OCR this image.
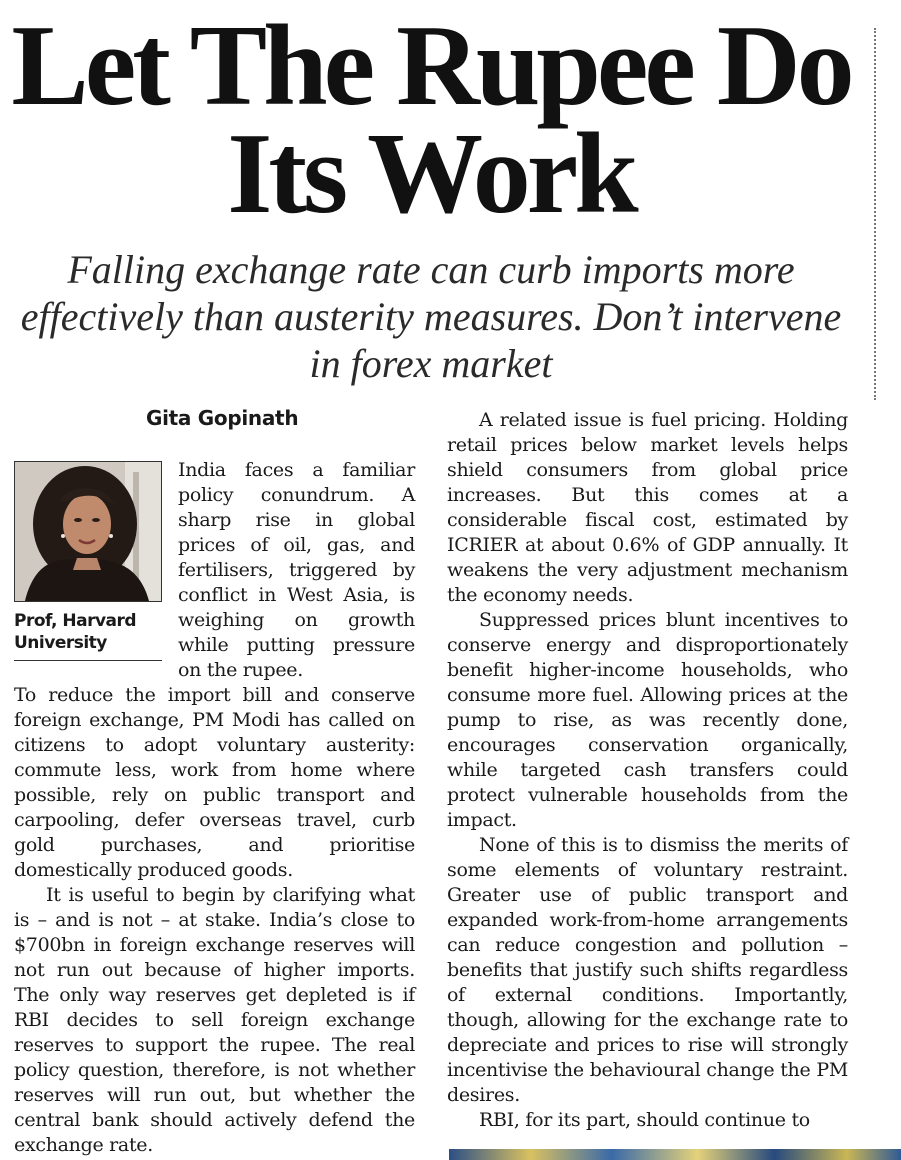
Let The Rupee Do Its Work

Falling exchange rate can curb imports more effectively than austerity measures. Don’t intervene in forex market

Gita Gopinath

Prof, Harvard University

India faces a familiar policy conundrum. A sharp rise in global prices of oil, gas, and fertilisers, triggered by conflict in West Asia, is weighing on growth while putting pressure on the rupee.

To reduce the import bill and conserve foreign exchange, PM Modi has called on citizens to adopt voluntary austerity: commute less, work from home where possible, rely on public transport and carpooling, defer overseas travel, curb gold purchases, and prioritise domestically produced goods.

It is useful to begin by clarifying what is – and is not – at stake. India’s close to $700bn in foreign exchange reserves will not run out because of higher imports. The only way reserves get depleted is if RBI decides to sell foreign exchange reserves to support the rupee. The real policy question, therefore, is not whether reserves will run out, but whether the central bank should actively defend the exchange rate.

A related issue is fuel pricing. Holding retail prices below market levels helps shield consumers from global price increases. But this comes at a considerable fiscal cost, estimated by ICRIER at about 0.6% of GDP annually. It weakens the very adjustment mechanism the economy needs.

Suppressed prices blunt incentives to conserve energy and disproportionately benefit higher-income households, who consume more fuel. Allowing prices at the pump to rise, as was recently done, encourages conservation organically, while targeted cash transfers could protect vulnerable households from the impact.

None of this is to dismiss the merits of some elements of voluntary restraint. Greater use of public transport and expanded work-from-home arrangements can reduce congestion and pollution – benefits that justify such shifts regardless of external conditions. Importantly, though, allowing for the exchange rate to depreciate and prices to rise will strongly incentivise the behavioural change the PM desires.

RBI, for its part, should continue to
